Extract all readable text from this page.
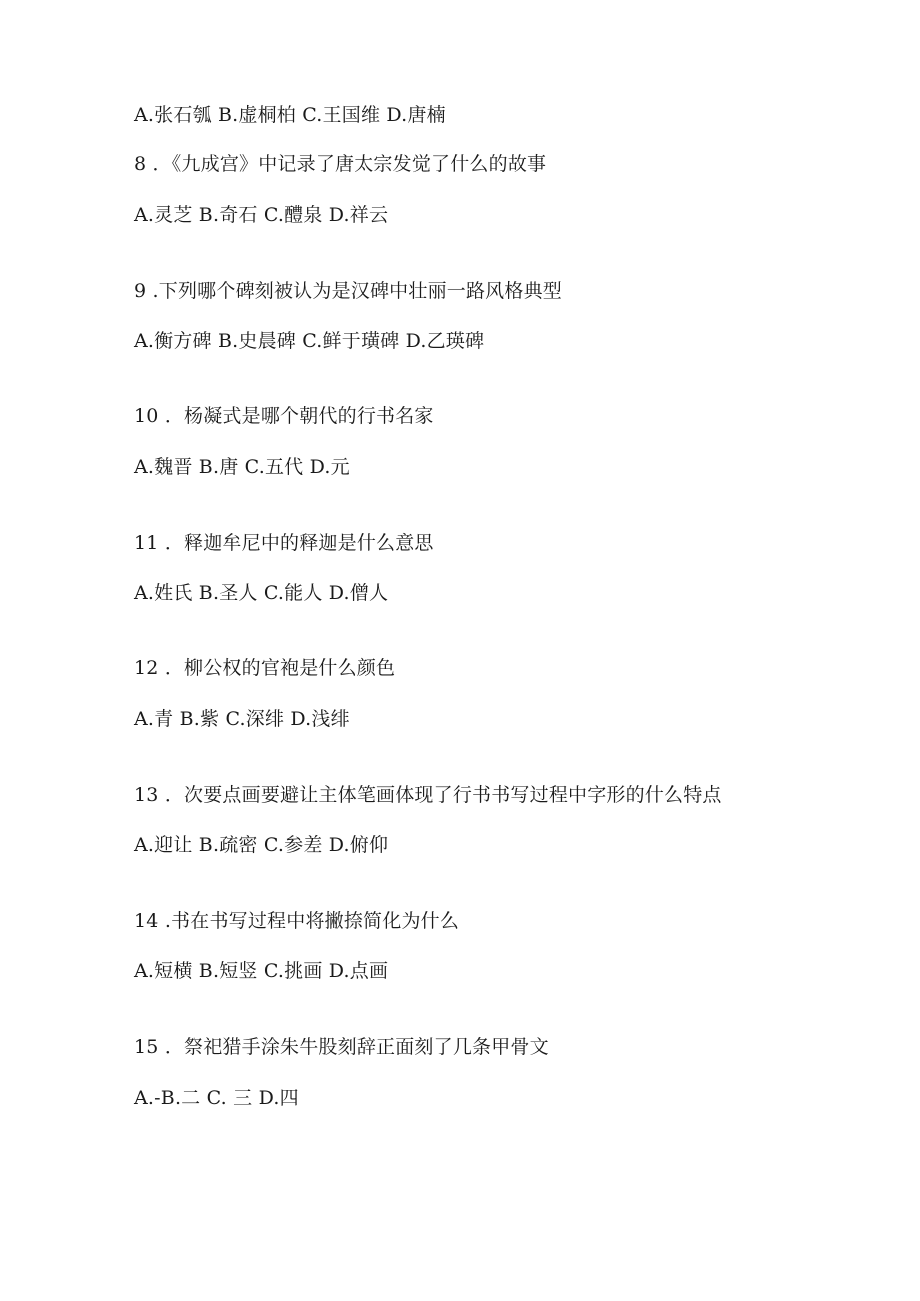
A.张石瓠 B.虚桐柏 C.王国维 D.唐楠
8 ．《九成宫》中记录了唐太宗发觉了什么的故事
A.灵芝 B.奇石 C.醴泉 D.祥云
9 .下列哪个碑刻被认为是汉碑中壮丽一路风格典型
A.衡方碑 B.史晨碑 C.鲜于璜碑 D.乙瑛碑
10 ．杨凝式是哪个朝代的行书名家
A.魏晋 B.唐 C.五代 D.元
11 ．释迦牟尼中的释迦是什么意思
A.姓氏 B.圣人 C.能人 D.僧人
12 ．柳公权的官袍是什么颜色
A.青 B.紫 C.深绯 D.浅绯
13 ．次要点画要避让主体笔画体现了行书书写过程中字形的什么特点
A.迎让 B.疏密 C.参差 D.俯仰
14 .书在书写过程中将撇捺简化为什么
A.短横 B.短竖 C.挑画 D.点画
15 ．祭祀猎手涂朱牛股刻辞正面刻了几条甲骨文
A.-B.二 C. 三 D.四
